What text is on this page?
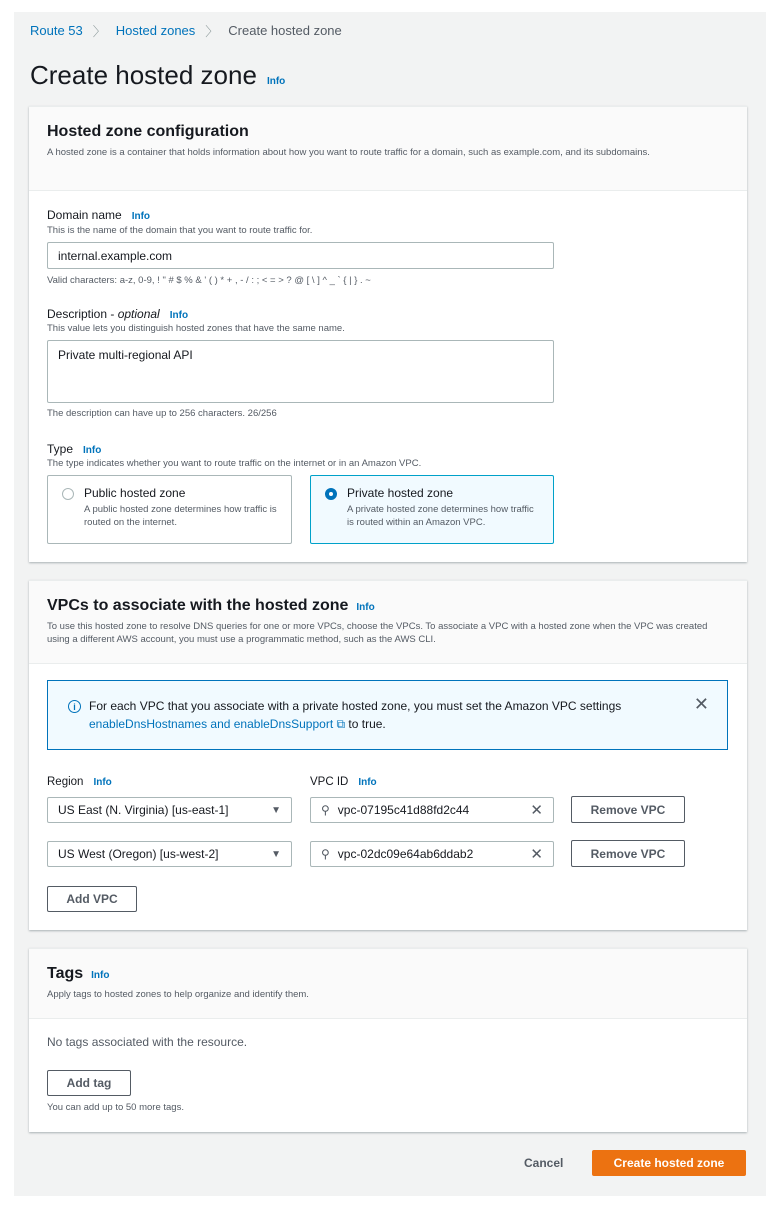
Route 53 〉 Hosted zones 〉 Create hosted zone
Create hosted zone Info
Hosted zone configuration
A hosted zone is a container that holds information about how you want to route traffic for a domain, such as example.com, and its subdomains.
Domain name Info
This is the name of the domain that you want to route traffic for.
internal.example.com
Valid characters: a-z, 0-9, ! " # $ % & ' ( ) * + , - / : ; < = > ? @ [ \ ] ^ _ ` { | } . ~
Description - optional Info
This value lets you distinguish hosted zones that have the same name.
Private multi-regional API
The description can have up to 256 characters. 26/256
Type Info
The type indicates whether you want to route traffic on the internet or in an Amazon VPC.
Public hosted zone
A public hosted zone determines how traffic is routed on the internet.
Private hosted zone
A private hosted zone determines how traffic is routed within an Amazon VPC.
VPCs to associate with the hosted zone Info
To use this hosted zone to resolve DNS queries for one or more VPCs, choose the VPCs. To associate a VPC with a hosted zone when the VPC was created using a different AWS account, you must use a programmatic method, such as the AWS CLI.
i	For each VPC that you associate with a private hosted zone, you must set the Amazon VPC settings
enableDnsHostnames and enableDnsSupport ⧉ to true.
✕
Region Info	VPC ID Info
US East (N. Virginia) [us-east-1]	▼	⚲ vpc-07195c41d88fd2c44	✕	Remove VPC
US West (Oregon) [us-west-2]	▼	⚲ vpc-02dc09e64ab6ddab2	✕	Remove VPC
Add VPC
Tags Info
Apply tags to hosted zones to help organize and identify them.
No tags associated with the resource.
Add tag
You can add up to 50 more tags.
Cancel	Create hosted zone
